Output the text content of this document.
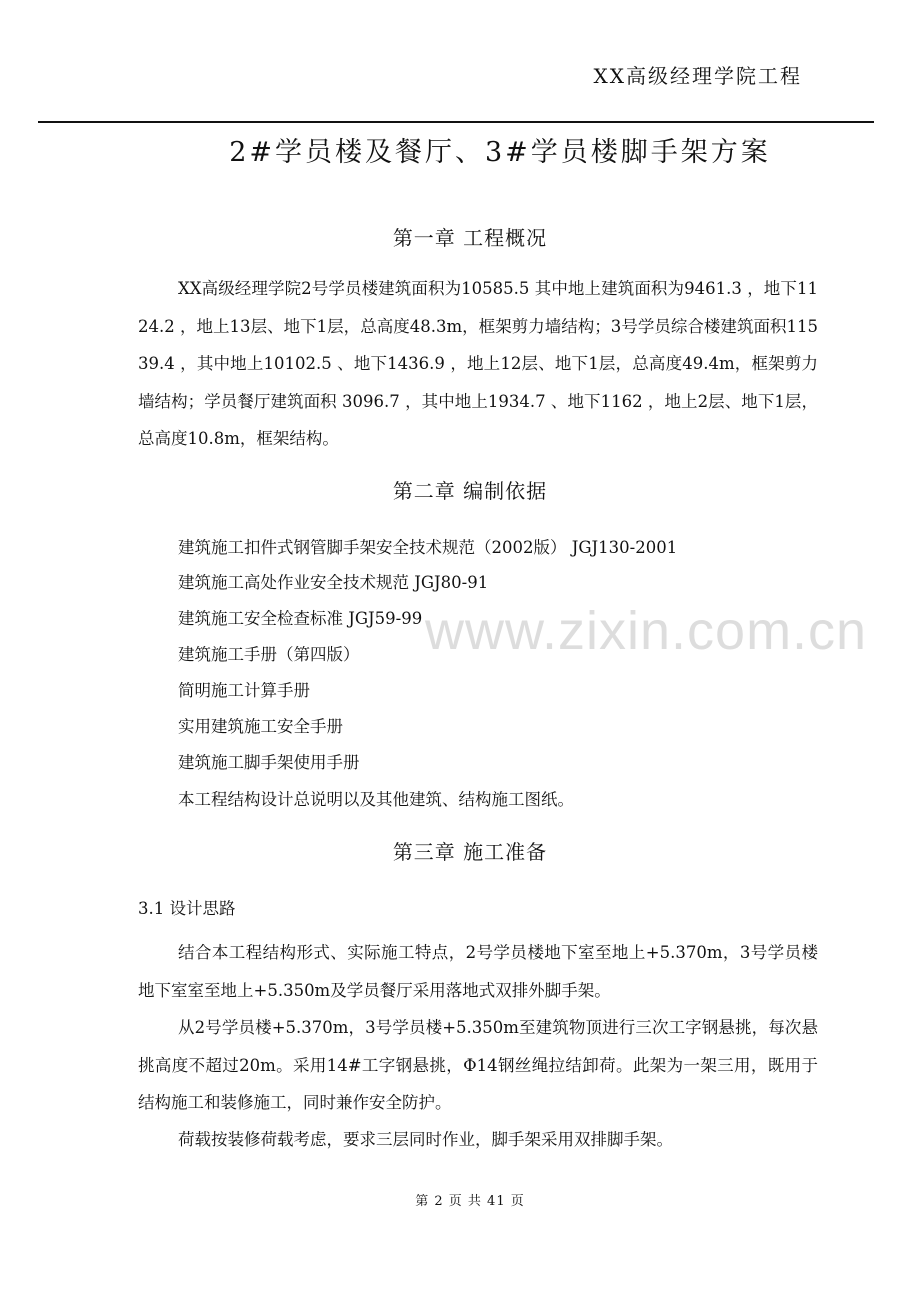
XX高级经理学院工程
2#学员楼及餐厅、3#学员楼脚手架方案
第一章 工程概况
XX高级经理学院2号学员楼建筑面积为10585.5 其中地上建筑面积为9461.3 ，地下1124.2 ，地上13层、地下1层，总高度48.3m，框架剪力墙结构；3号学员综合楼建筑面积11539.4 ，其中地上10102.5 、地下1436.9 ，地上12层、地下1层，总高度49.4m，框架剪力墙结构；学员餐厅建筑面积 3096.7 ，其中地上1934.7 、地下1162 ，地上2层、地下1层，总高度10.8m，框架结构。
第二章 编制依据
建筑施工扣件式钢管脚手架安全技术规范（2002版） JGJ130-2001
建筑施工高处作业安全技术规范 JGJ80-91
建筑施工安全检查标准 JGJ59-99
建筑施工手册（第四版）
简明施工计算手册
实用建筑施工安全手册
建筑施工脚手架使用手册
本工程结构设计总说明以及其他建筑、结构施工图纸。
第三章 施工准备
3.1 设计思路
结合本工程结构形式、实际施工特点，2号学员楼地下室至地上+5.370m，3号学员楼地下室室至地上+5.350m及学员餐厅采用落地式双排外脚手架。
从2号学员楼+5.370m，3号学员楼+5.350m至建筑物顶进行三次工字钢悬挑，每次悬挑高度不超过20m。采用14#工字钢悬挑，Φ14钢丝绳拉结卸荷。此架为一架三用，既用于结构施工和装修施工，同时兼作安全防护。
荷载按装修荷载考虑，要求三层同时作业，脚手架采用双排脚手架。
www.zixin.com.cn
第 2 页 共 41 页
